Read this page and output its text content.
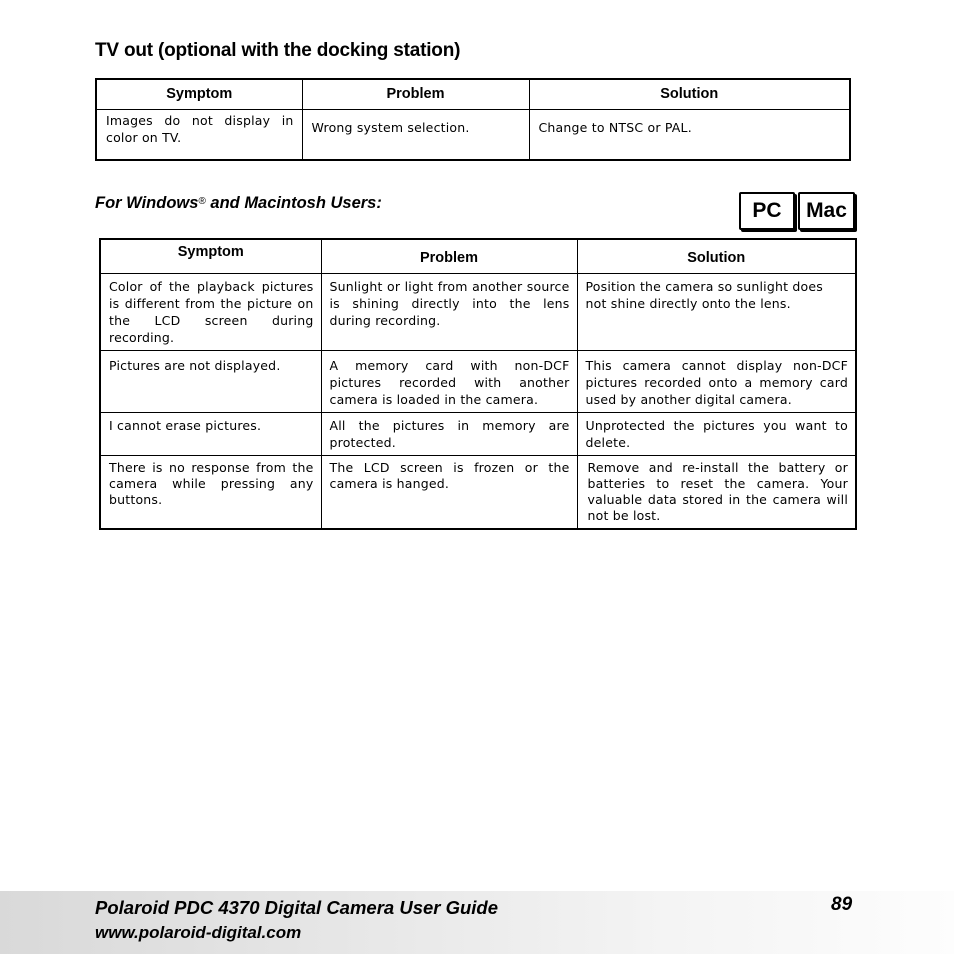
TV out (optional with the docking station)
Symptom	Problem	Solution
Images do not display in color on TV.	Wrong system selection.	Change to NTSC or PAL.
For Windows® and Macintosh Users:	PC	Mac
Symptom	Problem	Solution
Color of the playback pictures is different from the picture on the LCD screen during recording.	Sunlight or light from another source is shining directly into the lens during recording.	Position the camera so sunlight does not shine directly onto the lens.
Pictures are not displayed.	A memory card with non-DCF pictures recorded with another camera is loaded in the camera.	This camera cannot display non-DCF pictures recorded onto a memory card used by another digital camera.
I cannot erase pictures.	All the pictures in memory are protected.	Unprotected the pictures you want to delete.
There is no response from the camera while pressing any buttons.	The LCD screen is frozen or the camera is hanged.	Remove and re-install the battery or batteries to reset the camera. Your valuable data stored in the camera will not be lost.
Polaroid PDC 4370 Digital Camera User Guide
www.polaroid-digital.com
89
